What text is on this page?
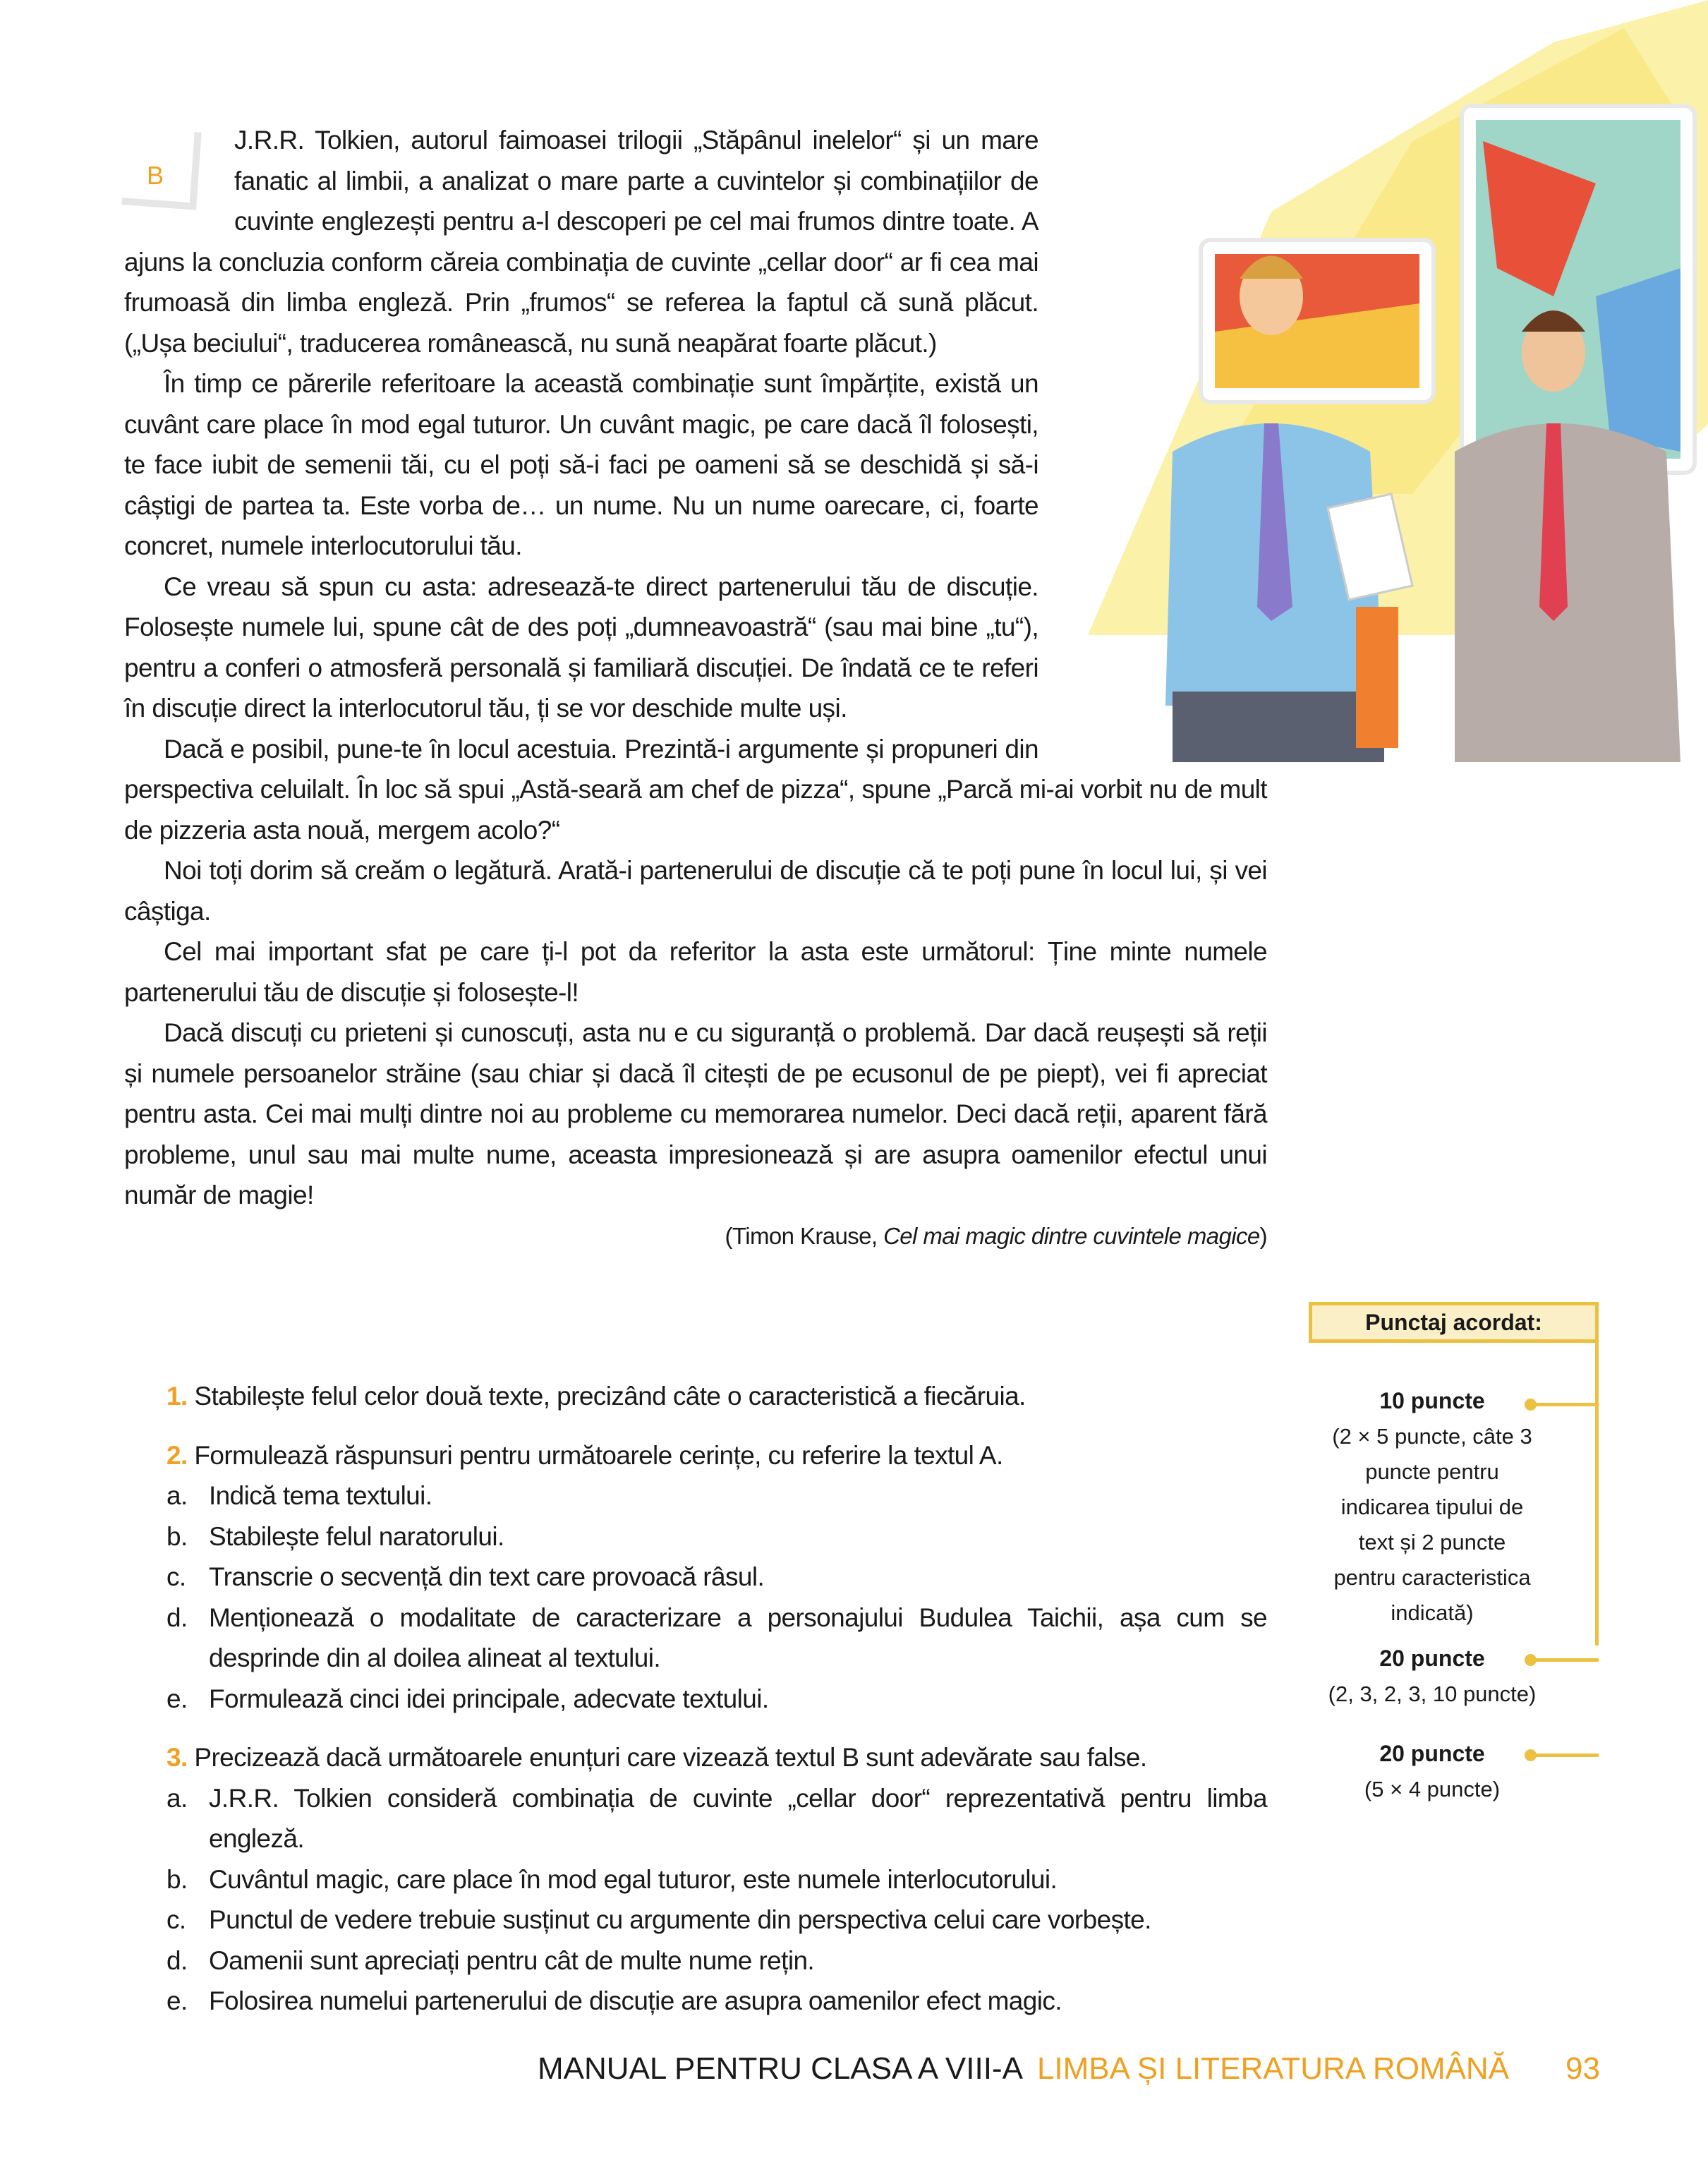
B

J.R.R. Tolkien, autorul faimoasei trilogii „Stăpânul inelelor“ și un mare fanatic al limbii, a analizat o mare parte a cuvintelor și combinațiilor de cuvinte englezești pentru a-l descoperi pe cel mai frumos dintre toate. A ajuns la concluzia conform căreia combinația de cuvinte „cellar door“ ar fi cea mai frumoasă din limba engleză. Prin „frumos“ se referea la faptul că sună plăcut. („Ușa beciului“, traducerea românească, nu sună neapărat foarte plăcut.)

În timp ce părerile referitoare la această combinație sunt împărțite, există un cuvânt care place în mod egal tuturor. Un cuvânt magic, pe care dacă îl folosești, te face iubit de semenii tăi, cu el poți să-i faci pe oameni să se deschidă și să-i câștigi de partea ta. Este vorba de… un nume. Nu un nume oarecare, ci, foarte concret, numele interlocutorului tău.

Ce vreau să spun cu asta: adresează-te direct partenerului tău de discuție. Folosește numele lui, spune cât de des poți „dumneavoastră“ (sau mai bine „tu“), pentru a conferi o atmosferă personală și familiară discuției. De îndată ce te referi în discuție direct la interlocutorul tău, ți se vor deschide multe uși.

Dacă e posibil, pune-te în locul acestuia. Prezintă-i argumente și propuneri din perspectiva celuilalt. În loc să spui „Astă-seară am chef de pizza“, spune „Parcă mi-ai vorbit nu de mult de pizzeria asta nouă, mergem acolo?“

Noi toți dorim să creăm o legătură. Arată-i partenerului de discuție că te poți pune în locul lui, și vei câștiga.

Cel mai important sfat pe care ți-l pot da referitor la asta este următorul: Ține minte numele partenerului tău de discuție și folosește-l!

Dacă discuți cu prieteni și cunoscuți, asta nu e cu siguranță o problemă. Dar dacă reușești să reții și numele persoanelor străine (sau chiar și dacă îl citești de pe ecusonul de pe piept), vei fi apreciat pentru asta. Cei mai mulți dintre noi au probleme cu memorarea numelor. Deci dacă reții, aparent fără probleme, unul sau mai multe nume, aceasta impresionează și are asupra oamenilor efectul unui număr de magie!

(Timon Krause, Cel mai magic dintre cuvintele magice)
1. Stabilește felul celor două texte, precizând câte o caracteristică a fiecăruia.
2. Formulează răspunsuri pentru următoarele cerințe, cu referire la textul A.
a. Indică tema textului.
b. Stabilește felul naratorului.
c. Transcrie o secvență din text care provoacă râsul.
d. Menționează o modalitate de caracterizare a personajului Budulea Taichii, așa cum se desprinde din al doilea alineat al textului.
e. Formulează cinci idei principale, adecvate textului.
3. Precizează dacă următoarele enunțuri care vizează textul B sunt adevărate sau false.
a. J.R.R. Tolkien consideră combinația de cuvinte „cellar door“ reprezentativă pentru limba engleză.
b. Cuvântul magic, care place în mod egal tuturor, este numele interlocutorului.
c. Punctul de vedere trebuie susținut cu argumente din perspectiva celui care vorbește.
d. Oamenii sunt apreciați pentru cât de multe nume rețin.
e. Folosirea numelui partenerului de discuție are asupra oamenilor efect magic.
Punctaj acordat:
10 puncte
(2 × 5 puncte, câte 3 puncte pentru indicarea tipului de text și 2 puncte pentru caracteristica indicată)
20 puncte
(2, 3, 2, 3, 10 puncte)
20 puncte
(5 × 4 puncte)
MANUAL PENTRU CLASA A VIII-A LIMBA ȘI LITERATURA ROMÂNĂ 93
